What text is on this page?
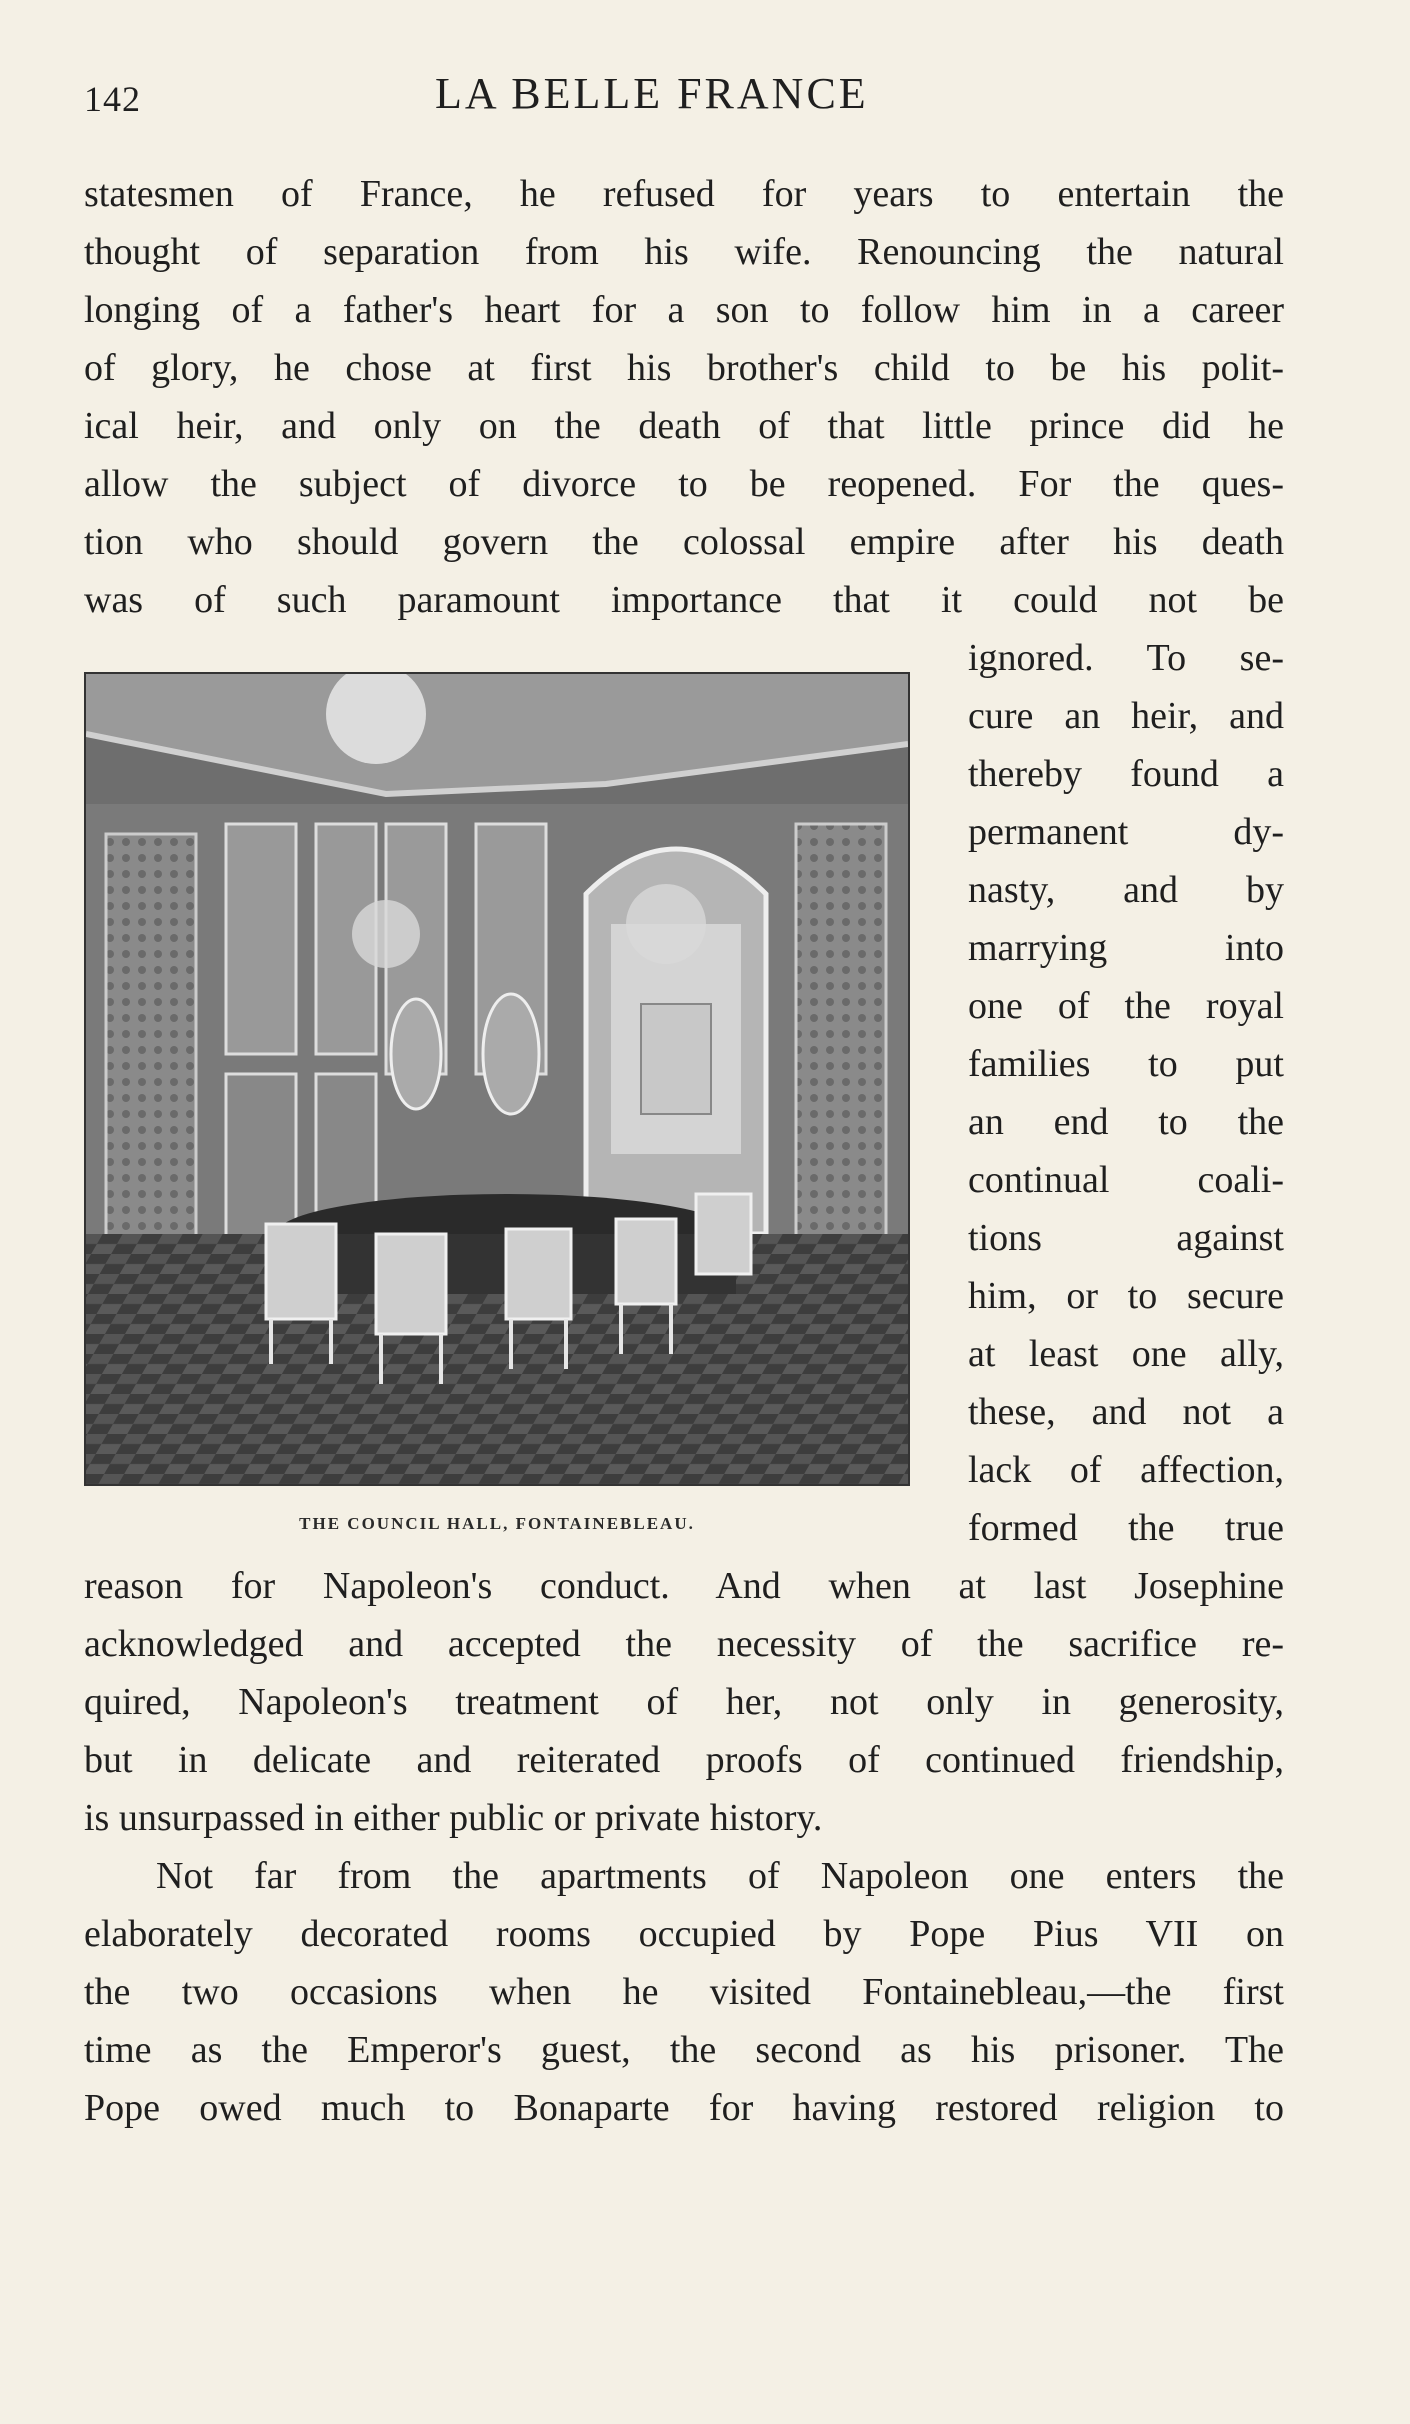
142	LA BELLE FRANCE
statesmen of France, he refused for years to entertain the
thought of separation from his wife. Renouncing the natural
longing of a father's heart for a son to follow him in a career
of glory, he chose at first his brother's child to be his polit-
ical heir, and only on the death of that little prince did he
allow the subject of divorce to be reopened. For the ques-
tion who should govern the colossal empire after his death
was of such paramount importance that it could not be
THE COUNCIL HALL, FONTAINEBLEAU.
ignored. To se-
cure an heir, and
thereby found a
permanent dy-
nasty, and by
marrying into
one of the royal
families to put
an end to the
continual coali-
tions against
him, or to secure
at least one ally,
these, and not a
lack of affection,
formed the true
reason for Napoleon's conduct. And when at last Josephine
acknowledged and accepted the necessity of the sacrifice re-
quired, Napoleon's treatment of her, not only in generosity,
but in delicate and reiterated proofs of continued friendship,
is unsurpassed in either public or private history.
Not far from the apartments of Napoleon one enters the
elaborately decorated rooms occupied by Pope Pius VII on
the two occasions when he visited Fontainebleau,—the first
time as the Emperor's guest, the second as his prisoner. The
Pope owed much to Bonaparte for having restored religion to
